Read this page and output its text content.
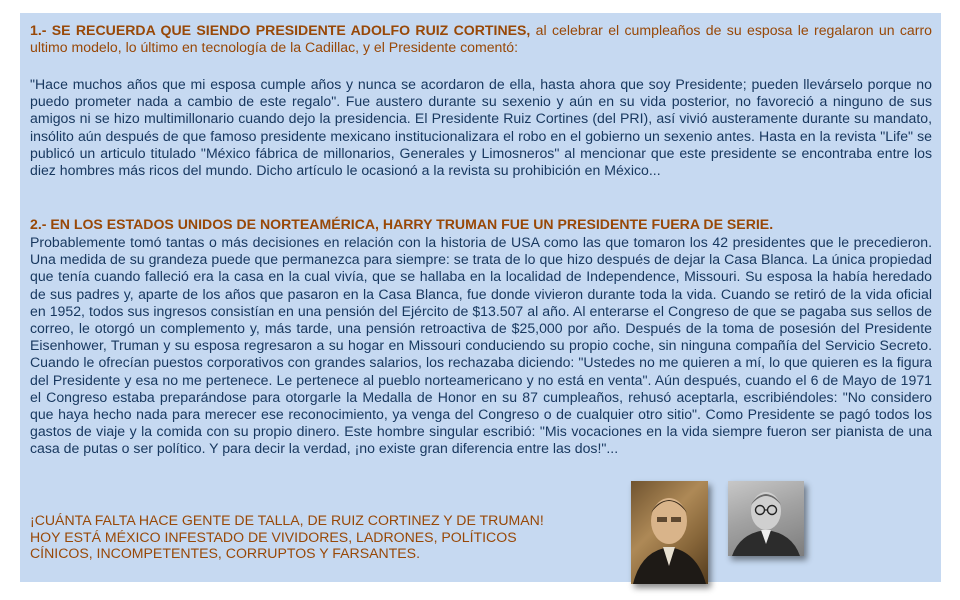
1.- SE RECUERDA QUE SIENDO PRESIDENTE ADOLFO RUIZ CORTINES, al celebrar el cumpleaños de su esposa le regalaron un carro ultimo modelo, lo último en tecnología de la Cadillac, y el Presidente comentó:

"Hace muchos años que mi esposa cumple años y nunca se acordaron de ella, hasta ahora que soy Presidente; pueden llevárselo porque no puedo prometer nada a cambio de este regalo". Fue austero durante su sexenio y aún en su vida posterior, no favoreció a ninguno de sus amigos ni se hizo multimillonario cuando dejo la presidencia. El Presidente Ruiz Cortines (del PRI), así vivió austeramente durante su mandato, insólito aún después de que famoso presidente mexicano institucionalizara el robo en el gobierno un sexenio antes. Hasta en la revista "Life" se publicó un articulo titulado "México fábrica de millonarios, Generales y Limosneros" al mencionar que este presidente se encontraba entre los diez hombres más ricos del mundo. Dicho artículo le ocasionó a la revista su prohibición en México...

2.- EN LOS ESTADOS UNIDOS DE NORTEAMÉRICA, HARRY TRUMAN FUE UN PRESIDENTE FUERA DE SERIE.

Probablemente tomó tantas o más decisiones en relación con la historia de USA como las que tomaron los 42 presidentes que le precedieron. Una medida de su grandeza puede que permanezca para siempre: se trata de lo que hizo después de dejar la Casa Blanca. La única propiedad que tenía cuando falleció era la casa en la cual vivía, que se hallaba en la localidad de Independence, Missouri. Su esposa la había heredado de sus padres y, aparte de los años que pasaron en la Casa Blanca, fue donde vivieron durante toda la vida. Cuando se retiró de la vida oficial en 1952, todos sus ingresos consistían en una pensión del Ejército de $13.507 al año. Al enterarse el Congreso de que se pagaba sus sellos de correo, le otorgó un complemento y, más tarde, una pensión retroactiva de $25,000 por año. Después de la toma de posesión del Presidente Eisenhower, Truman y su esposa regresaron a su hogar en Missouri conduciendo su propio coche, sin ninguna compañía del Servicio Secreto. Cuando le ofrecían puestos corporativos con grandes salarios, los rechazaba diciendo: "Ustedes no me quieren a mí, lo que quieren es la figura del Presidente y esa no me pertenece. Le pertenece al pueblo norteamericano y no está en venta". Aún después, cuando el 6 de Mayo de 1971 el Congreso estaba preparándose para otorgarle la Medalla de Honor en su 87 cumpleaños, rehusó aceptarla, escribiéndoles: "No considero que haya hecho nada para merecer ese reconocimiento, ya venga del Congreso o de cualquier otro sitio". Como Presidente se pagó todos los gastos de viaje y la comida con su propio dinero. Este hombre singular escribió: "Mis vocaciones en la vida siempre fueron ser pianista de una casa de putas o ser político. Y para decir la verdad, ¡no existe gran diferencia entre las dos!"...

¡CUÁNTA FALTA HACE GENTE DE TALLA, DE RUIZ CORTINEZ Y DE TRUMAN!
HOY ESTÁ MÉXICO INFESTADO DE VIVIDORES, LADRONES, POLÍTICOS
CÍNICOS, INCOMPETENTES, CORRUPTOS Y FARSANTES.
